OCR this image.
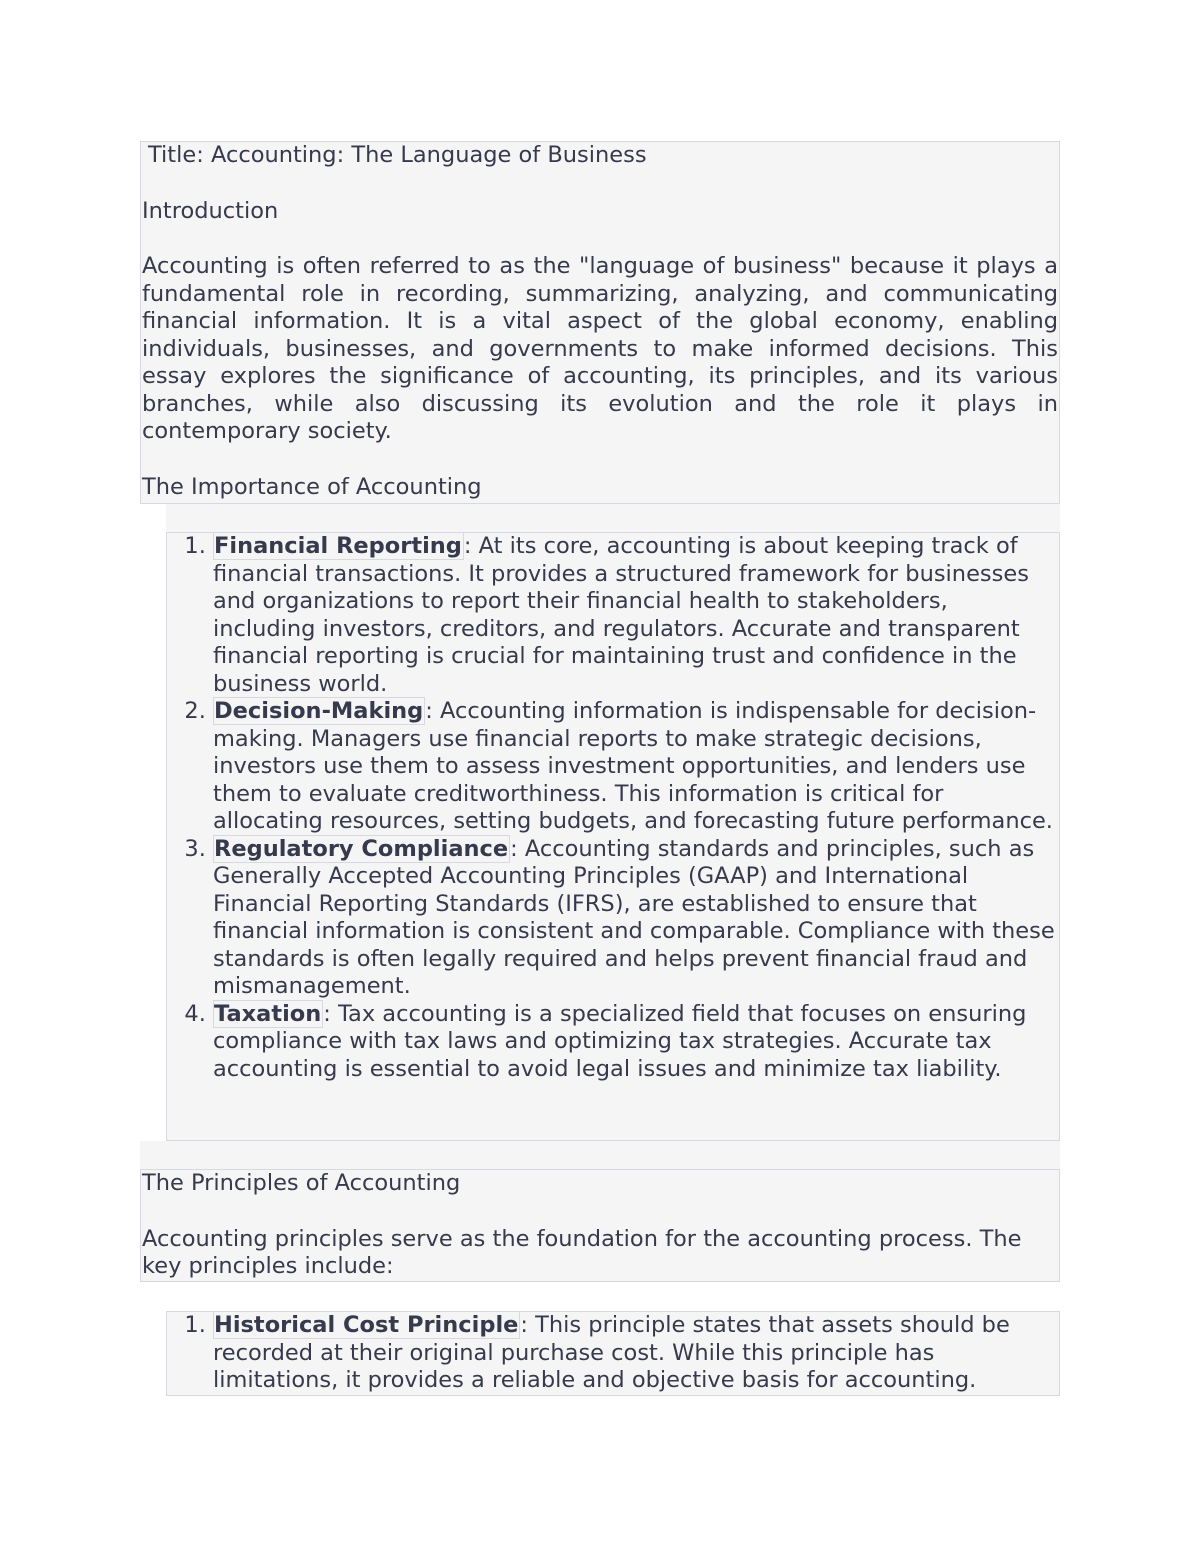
Title: Accounting: The Language of Business

Introduction

Accounting is often referred to as the "language of business" because it plays a fundamental role in recording, summarizing, analyzing, and communicating financial information. It is a vital aspect of the global economy, enabling individuals, businesses, and governments to make informed decisions. This essay explores the significance of accounting, its principles, and its various branches, while also discussing its evolution and the role it plays in contemporary society.

The Importance of Accounting

1. Financial Reporting: At its core, accounting is about keeping track of financial transactions. It provides a structured framework for businesses and organizations to report their financial health to stakeholders, including investors, creditors, and regulators. Accurate and transparent financial reporting is crucial for maintaining trust and confidence in the business world.
2. Decision-Making: Accounting information is indispensable for decision-making. Managers use financial reports to make strategic decisions, investors use them to assess investment opportunities, and lenders use them to evaluate creditworthiness. This information is critical for allocating resources, setting budgets, and forecasting future performance.
3. Regulatory Compliance: Accounting standards and principles, such as Generally Accepted Accounting Principles (GAAP) and International Financial Reporting Standards (IFRS), are established to ensure that financial information is consistent and comparable. Compliance with these standards is often legally required and helps prevent financial fraud and mismanagement.
4. Taxation: Tax accounting is a specialized field that focuses on ensuring compliance with tax laws and optimizing tax strategies. Accurate tax accounting is essential to avoid legal issues and minimize tax liability.

The Principles of Accounting

Accounting principles serve as the foundation for the accounting process. The key principles include:

1. Historical Cost Principle: This principle states that assets should be recorded at their original purchase cost. While this principle has limitations, it provides a reliable and objective basis for accounting.
